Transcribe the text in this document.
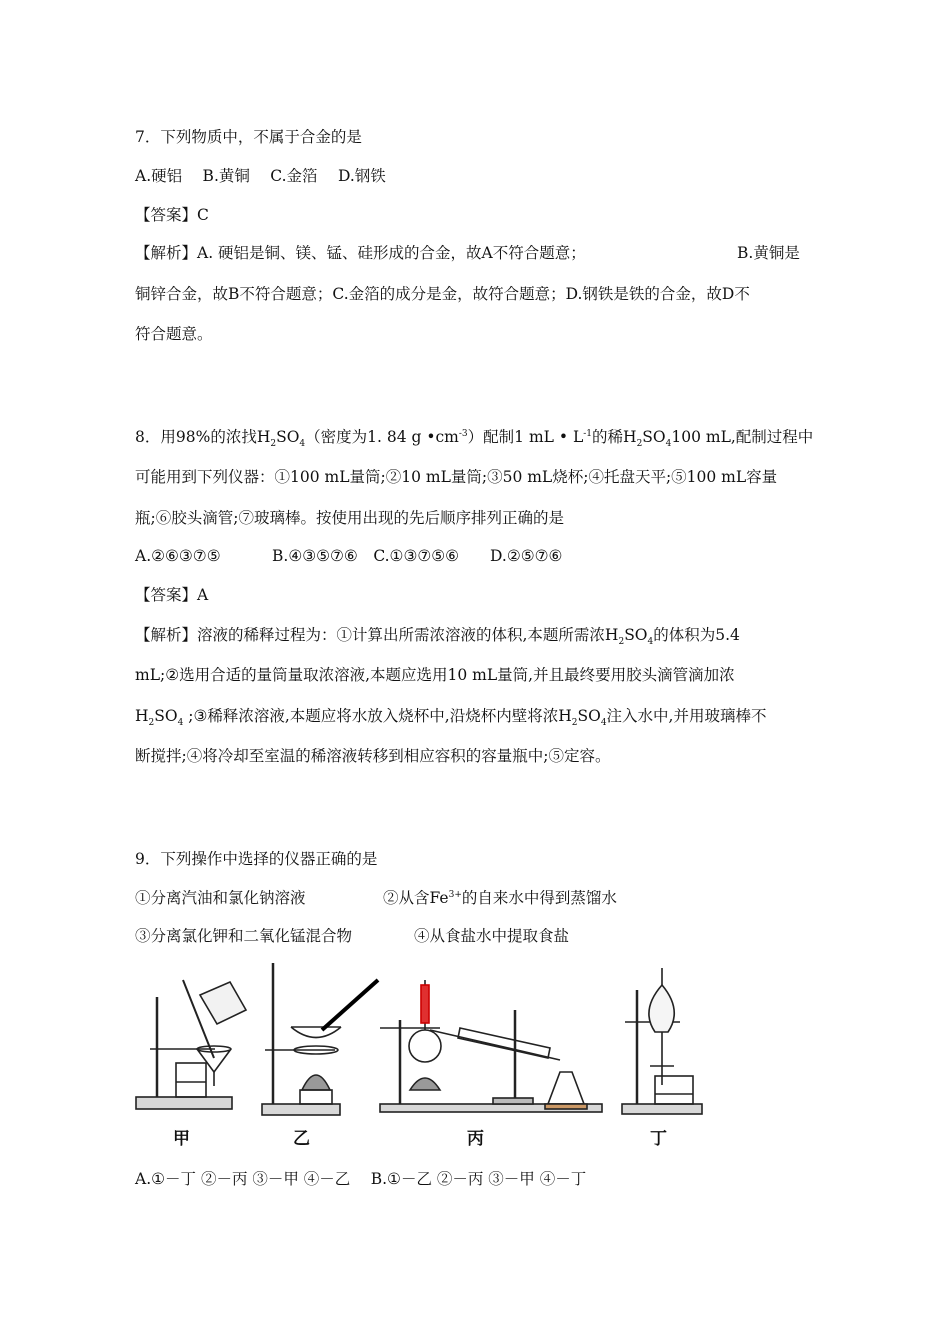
7．下列物质中，不属于合金的是
A.硬铝　 B.黄铜　 C.金箔　 D.钢铁
【答案】C
【解析】A. 硬铝是铜、镁、锰、硅形成的合金，故A不符合题意；	B.黄铜是
铜锌合金，故B不符合题意；C.金箔的成分是金，故符合题意；D.钢铁是铁的合金，故D不
符合题意。
8．用98%的浓找$H_2SO_4$（密度为1. 84 g $•cm^{-3}$）配制1 mL • $L^{-1}$的稀$H_2SO_4100$ mL,配制过程中
可能用到下列仪器：①100 mL量筒;②10 mL量筒;③50 mL烧杯;④托盘天平;⑤100 mL容量
瓶;⑥胶头滴管;⑦玻璃棒。按使用出现的先后顺序排列正确的是
A.②⑥③⑦⑤　　　 B.④③⑤⑦⑥　C.①③⑦⑤⑥　　D.②⑤⑦⑥
【答案】A
【解析】溶液的稀释过程为：①计算出所需浓溶液的体积,本题所需浓$H_2SO_4$的体积为5.4
mL;②选用合适的量筒量取浓溶液,本题应选用10 mL量筒,并且最终要用胶头滴管滴加浓
$H_2SO_4$ ;③稀释浓溶液,本题应将水放入烧杯中,沿烧杯内壁将浓$H_2SO_4$注入水中,并用玻璃棒不
断搅拌;④将冷却至室温的稀溶液转移到相应容积的容量瓶中;⑤定容。
9．下列操作中选择的仪器正确的是
①分离汽油和氯化钠溶液	②从含$Fe^{3+}$的自来水中得到蒸馏水
③分离氯化钾和二氧化锰混合物	④从食盐水中提取食盐
甲	乙	丙	丁
A.①－丁 ②－丙 ③－甲 ④－乙　 B.①－乙 ②－丙 ③－甲 ④－丁
